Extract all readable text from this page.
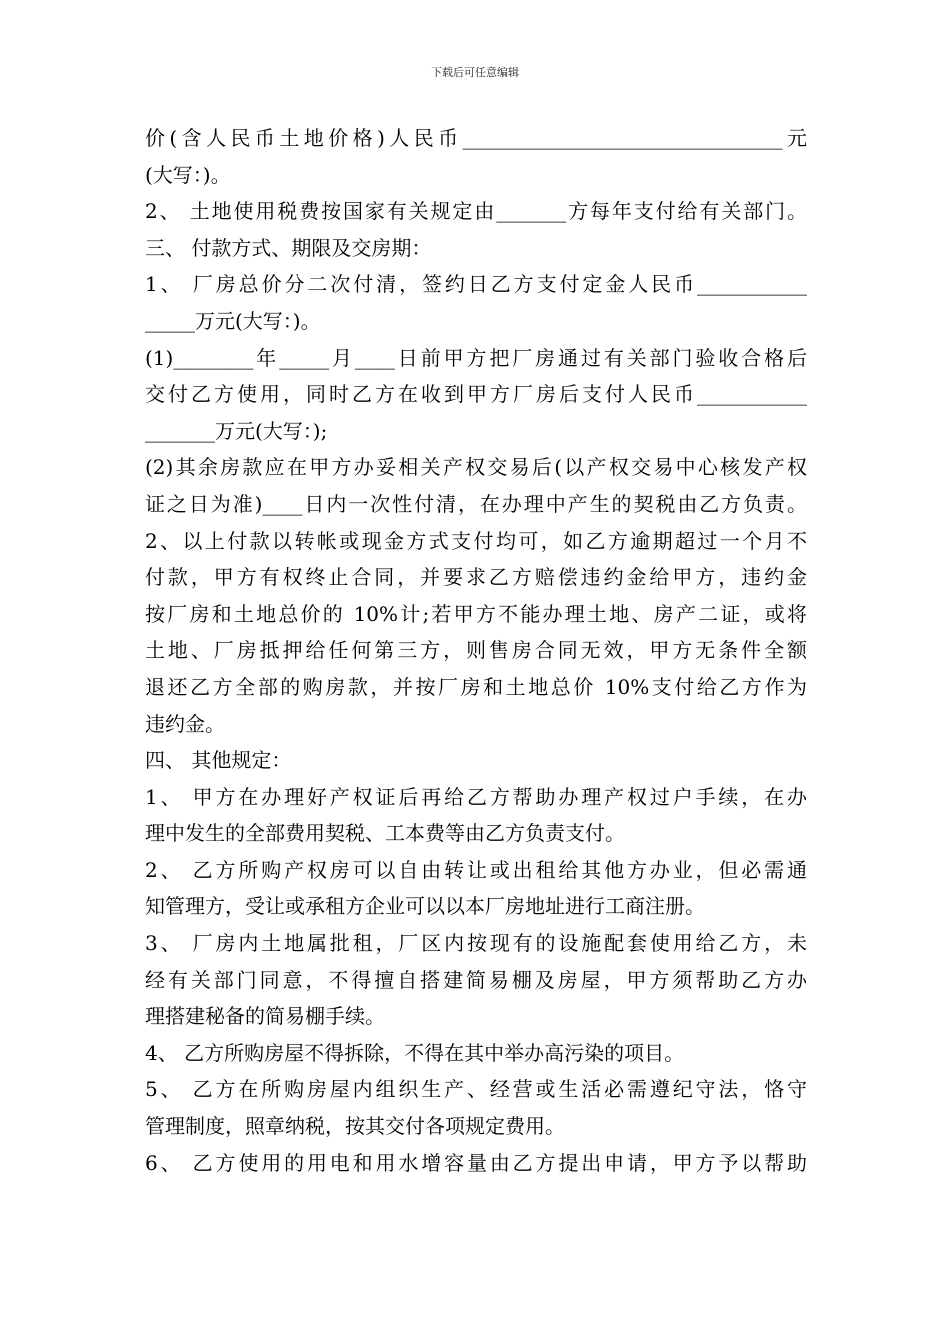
下载后可任意编辑
价(含人民币土地价格)人民币________________________________元
(大写：)。
2、 土地使用税费按国家有关规定由_______方每年支付给有关部门。
三、 付款方式、期限及交房期：
1、 厂房总价分二次付清，签约日乙方支付定金人民币___________
_____万元(大写：)。
(1)________年_____月____日前甲方把厂房通过有关部门验收合格后
交付乙方使用，同时乙方在收到甲方厂房后支付人民币___________
_______万元(大写：);
(2)其余房款应在甲方办妥相关产权交易后(以产权交易中心核发产权
证之日为准)____日内一次性付清，在办理中产生的契税由乙方负责。
2、以上付款以转帐或现金方式支付均可，如乙方逾期超过一个月不
付款，甲方有权终止合同，并要求乙方赔偿违约金给甲方，违约金
按厂房和土地总价的 10%计;若甲方不能办理土地、房产二证，或将
土地、厂房抵押给任何第三方，则售房合同无效，甲方无条件全额
退还乙方全部的购房款，并按厂房和土地总价 10%支付给乙方作为
违约金。
四、 其他规定：
1、 甲方在办理好产权证后再给乙方帮助办理产权过户手续，在办
理中发生的全部费用契税、工本费等由乙方负责支付。
2、 乙方所购产权房可以自由转让或出租给其他方办业，但必需通
知管理方，受让或承租方企业可以以本厂房地址进行工商注册。
3、 厂房内土地属批租，厂区内按现有的设施配套使用给乙方，未
经有关部门同意，不得擅自搭建简易棚及房屋，甲方须帮助乙方办
理搭建秘备的简易棚手续。
4、 乙方所购房屋不得拆除，不得在其中举办高污染的项目。
5、 乙方在所购房屋内组织生产、经营或生活必需遵纪守法，恪守
管理制度，照章纳税，按其交付各项规定费用。
6、 乙方使用的用电和用水增容量由乙方提出申请，甲方予以帮助
